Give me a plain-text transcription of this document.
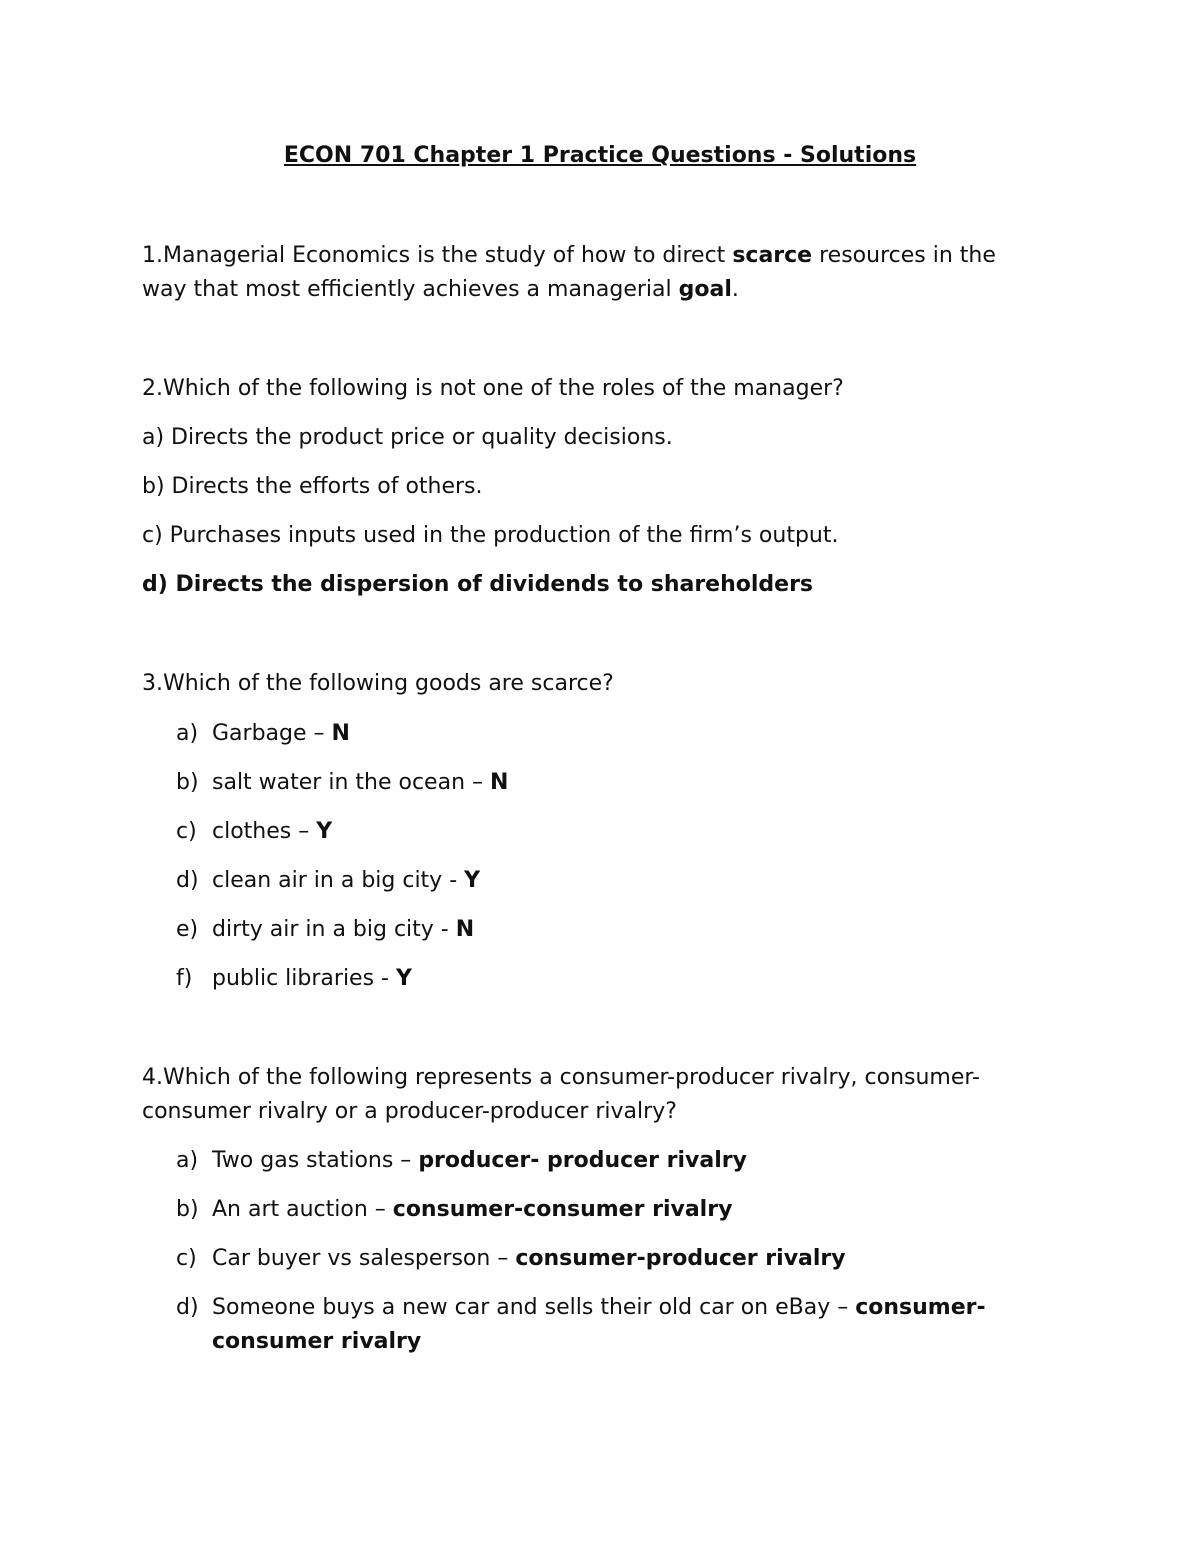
ECON 701 Chapter 1 Practice Questions - Solutions

1.Managerial Economics is the study of how to direct scarce resources in the

way that most efficiently achieves a managerial goal.

2.Which of the following is not one of the roles of the manager?

a) Directs the product price or quality decisions.

b) Directs the efforts of others.

c) Purchases inputs used in the production of the firm’s output.

d) Directs the dispersion of dividends to shareholders

3.Which of the following goods are scarce?

a) Garbage – N

b) salt water in the ocean – N

c) clothes – Y

d) clean air in a big city - Y

e) dirty air in a big city - N

f) public libraries - Y

4.Which of the following represents a consumer-producer rivalry, consumer-

consumer rivalry or a producer-producer rivalry?

a) Two gas stations – producer- producer rivalry

b) An art auction – consumer-consumer rivalry

c) Car buyer vs salesperson – consumer-producer rivalry

d) Someone buys a new car and sells their old car on eBay – consumer-

consumer rivalry
